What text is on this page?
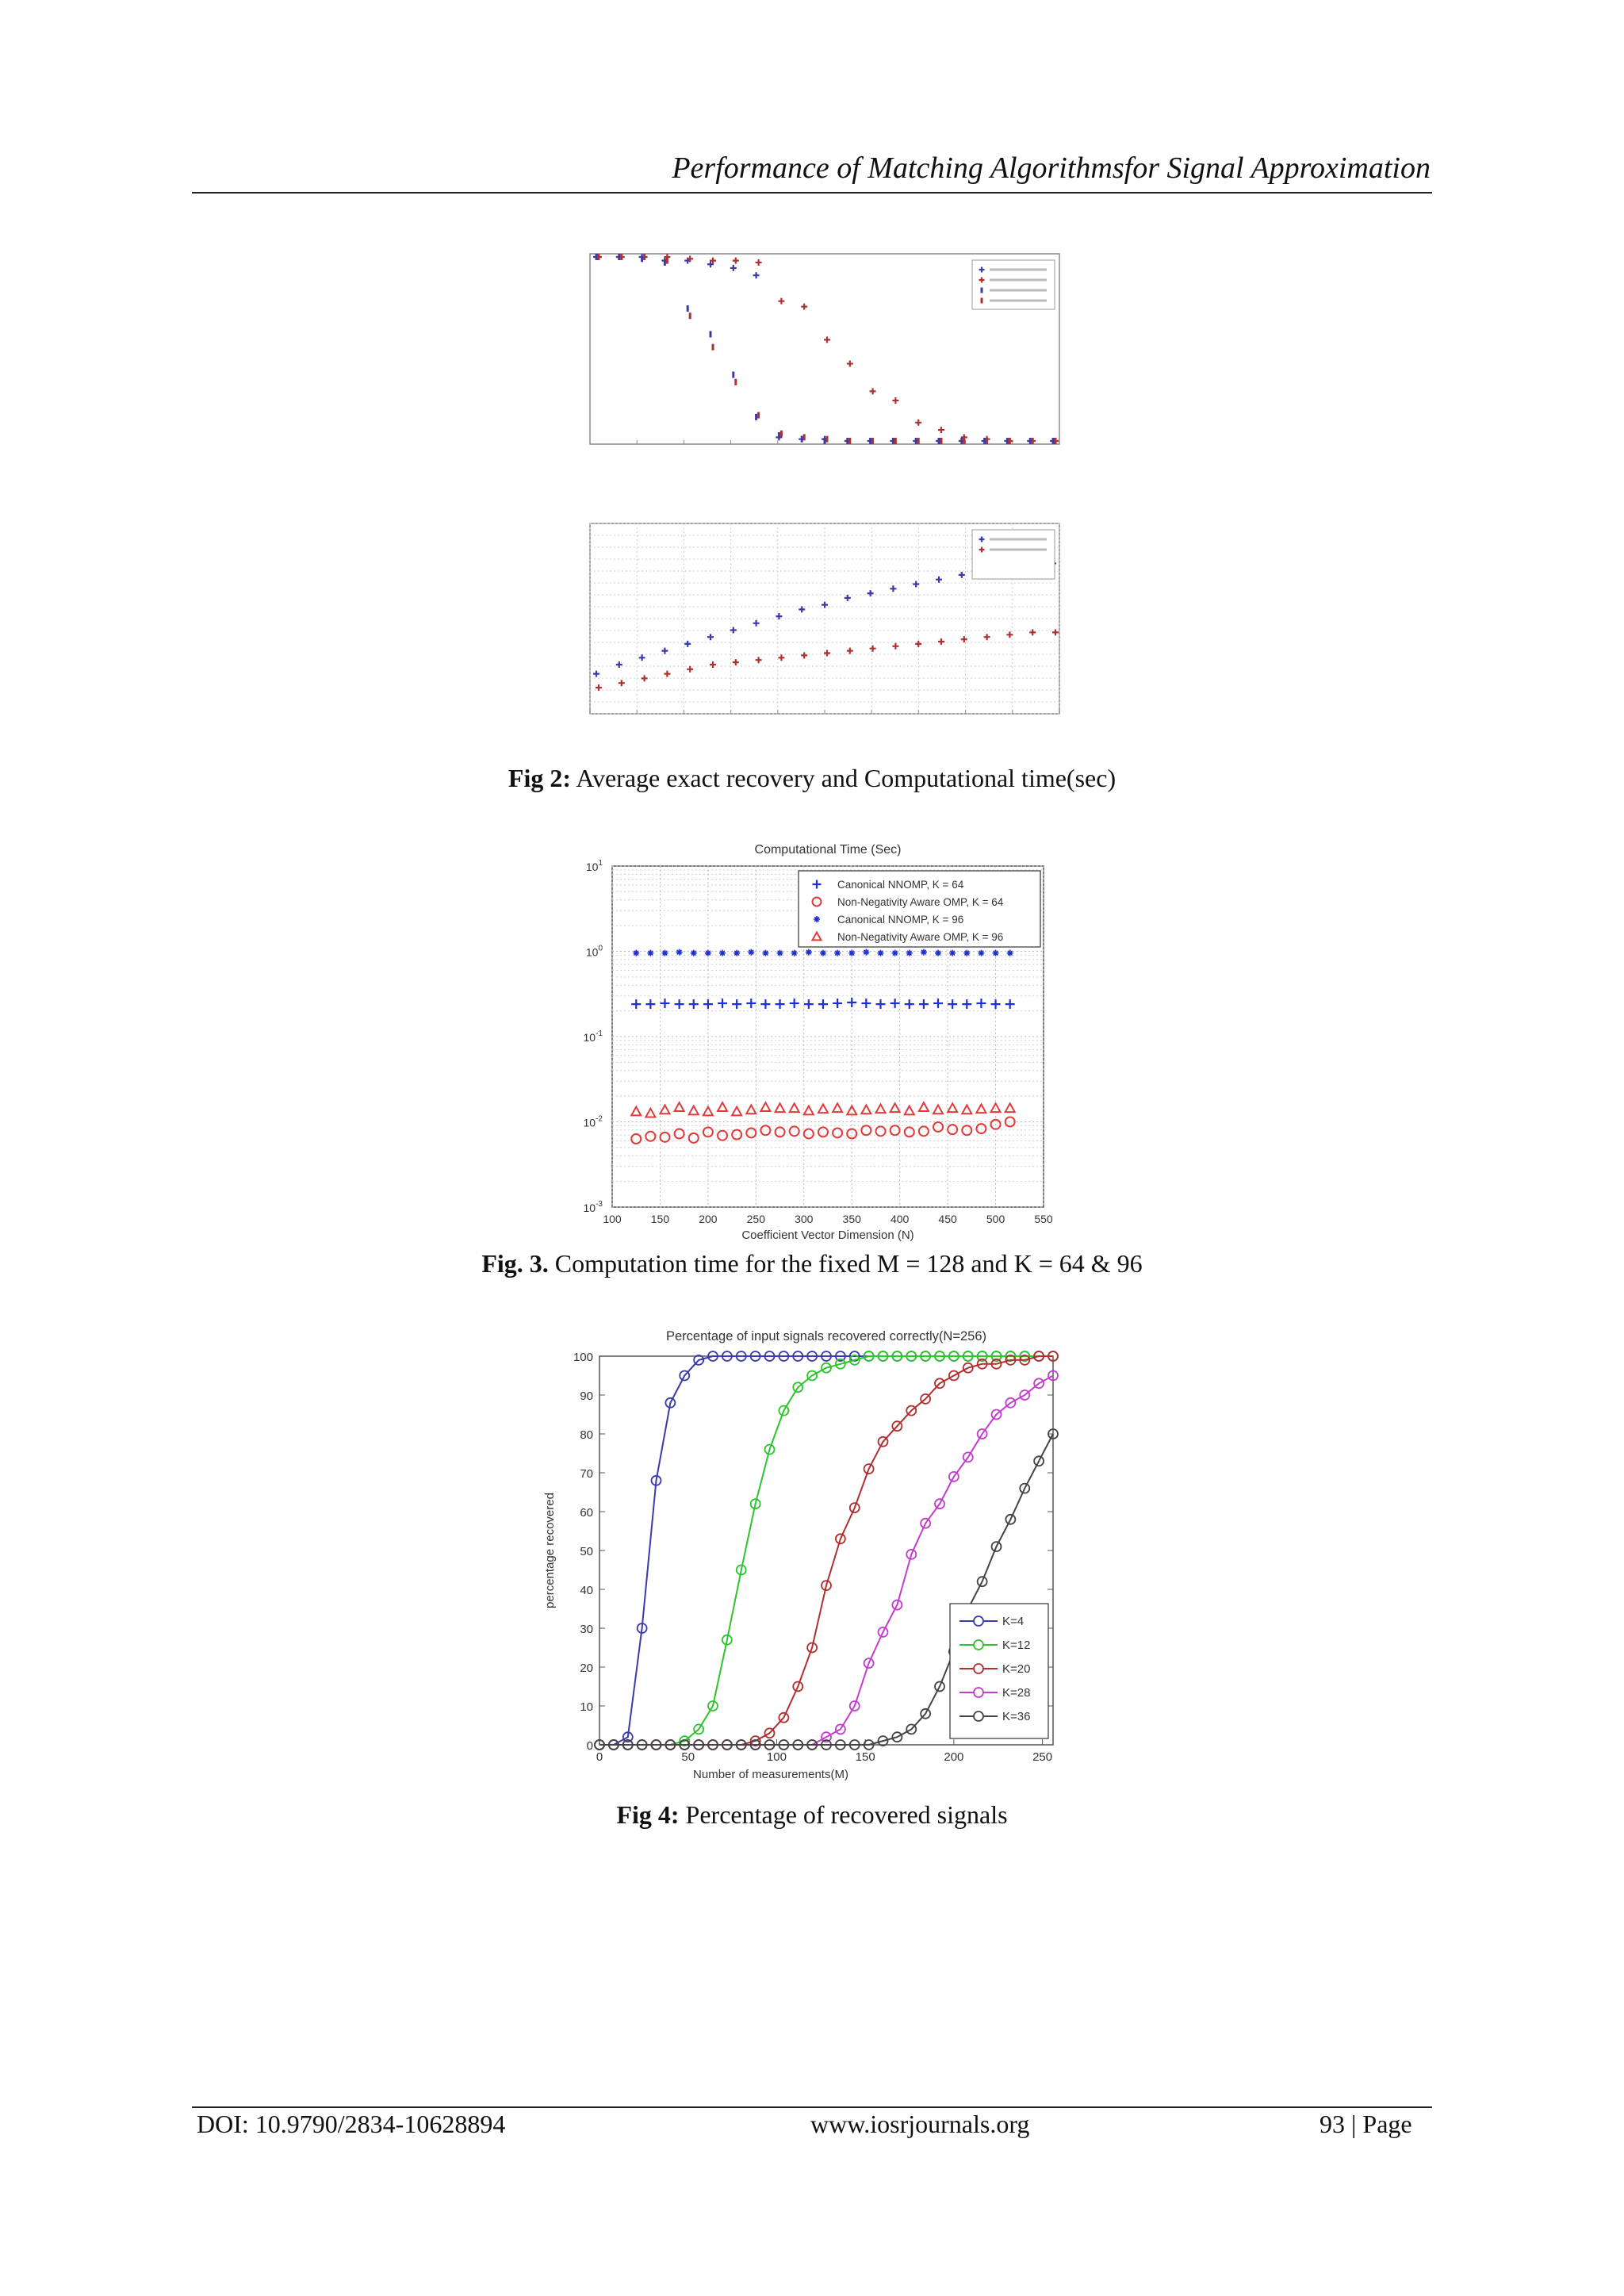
Performance of Matching Algorithmsfor Signal Approximation
Fig 2: Average exact recovery and Computational time(sec)
Computational Time (Sec)
$10^1$
$10^0$
$10^{-1}$
$10^{-2}$
$10^{-3}$
100	150	200	250	300	350	400	450	500	550
Coefficient Vector Dimension (N)
Canonical NNOMP, K = 64
Non-Negativity Aware OMP, K = 64
Canonical NNOMP, K = 96
Non-Negativity Aware OMP, K = 96
Fig. 3. Computation time for the fixed M = 128 and K = 64 & 96
Percentage of input signals recovered correctly(N=256)
0
10
20
30
40
50
60
70
80
90
100
0	50	100	150	200	250
Number of measurements(M)
percentage recovered
K=4
K=12
K=20
K=28
K=36
Fig 4: Percentage of recovered signals
DOI: 10.9790/2834-10628894	www.iosrjournals.org	93 | Page
